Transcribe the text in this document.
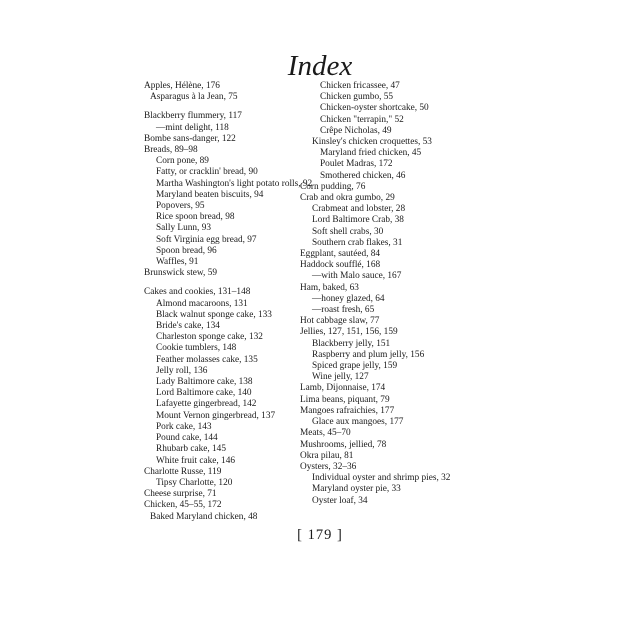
Index
Apples, Hélène, 176
Asparagus à la Jean, 75
Blackberry flummery, 117
—mint delight, 118
Bombe sans-danger, 122
Breads, 89–98
Corn pone, 89
Fatty, or cracklin' bread, 90
Martha Washington's light potato rolls, 92
Maryland beaten biscuits, 94
Popovers, 95
Rice spoon bread, 98
Sally Lunn, 93
Soft Virginia egg bread, 97
Spoon bread, 96
Waffles, 91
Brunswick stew, 59
Cakes and cookies, 131–148
Almond macaroons, 131
Black walnut sponge cake, 133
Bride's cake, 134
Charleston sponge cake, 132
Cookie tumblers, 148
Feather molasses cake, 135
Jelly roll, 136
Lady Baltimore cake, 138
Lord Baltimore cake, 140
Lafayette gingerbread, 142
Mount Vernon gingerbread, 137
Pork cake, 143
Pound cake, 144
Rhubarb cake, 145
White fruit cake, 146
Charlotte Russe, 119
Tipsy Charlotte, 120
Cheese surprise, 71
Chicken, 45–55, 172
Baked Maryland chicken, 48
Chicken fricassee, 47
Chicken gumbo, 55
Chicken-oyster shortcake, 50
Chicken "terrapin," 52
Crêpe Nicholas, 49
Kinsley's chicken croquettes, 53
Maryland fried chicken, 45
Poulet Madras, 172
Smothered chicken, 46
Corn pudding, 76
Crab and okra gumbo, 29
Crabmeat and lobster, 28
Lord Baltimore Crab, 38
Soft shell crabs, 30
Southern crab flakes, 31
Eggplant, sautéed, 84
Haddock soufflé, 168
—with Malo sauce, 167
Ham, baked, 63
—honey glazed, 64
—roast fresh, 65
Hot cabbage slaw, 77
Jellies, 127, 151, 156, 159
Blackberry jelly, 151
Raspberry and plum jelly, 156
Spiced grape jelly, 159
Wine jelly, 127
Lamb, Dijonnaise, 174
Lima beans, piquant, 79
Mangoes rafraichies, 177
Glace aux mangoes, 177
Meats, 45–70
Mushrooms, jellied, 78
Okra pilau, 81
Oysters, 32–36
Individual oyster and shrimp pies, 32
Maryland oyster pie, 33
Oyster loaf, 34
[ 179 ]
